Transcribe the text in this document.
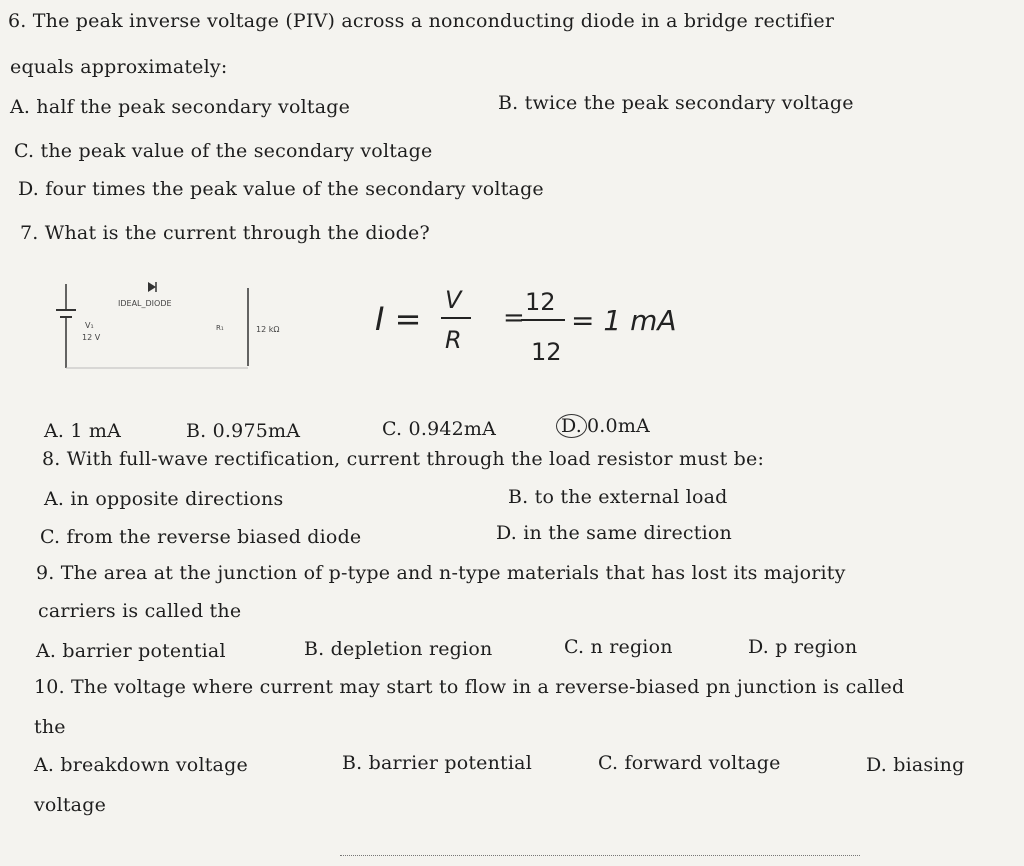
6. The peak inverse voltage (PIV) across a nonconducting diode in a bridge rectifier
equals approximately:
A. half the peak secondary voltage	B. twice the peak secondary voltage
C. the peak value of the secondary voltage
D. four times the peak value of the secondary voltage
7. What is the current through the diode?
V₁
12 V
IDEAL_DIODE
R₁	12 kΩ	I = V
R
=
12
12
= 1 mA
A. 1 mA	B. 0.975mA	C. 0.942mA	D. 0.0mA
8. With full-wave rectification, current through the load resistor must be:
A. in opposite directions	B. to the external load
C. from the reverse biased diode	D. in the same direction
9. The area at the junction of p-type and n-type materials that has lost its majority
carriers is called the
A. barrier potential	B. depletion region	C. n region	D. p region
10. The voltage where current may start to flow in a reverse-biased pn junction is called
the
A. breakdown voltage	B. barrier potential	C. forward voltage	D. biasing
voltage
